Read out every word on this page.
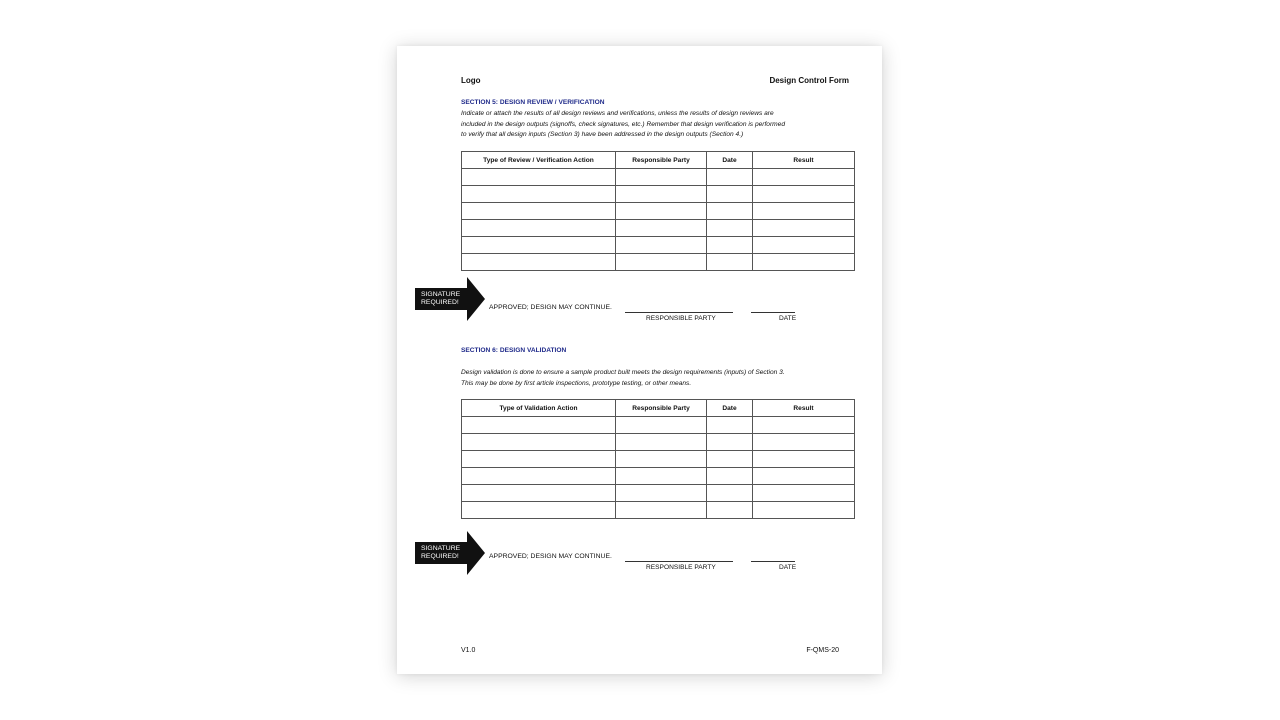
Logo	Design Control Form
SECTION 5: DESIGN REVIEW / VERIFICATION
Indicate or attach the results of all design reviews and verifications, unless the results of design reviews are
included in the design outputs (signoffs, check signatures, etc.) Remember that design verification is performed
to verify that all design inputs (Section 3) have been addressed in the design outputs (Section 4.)
Type of Review / Verification Action	Responsible Party	Date	Result

SIGNATURE
REQUIRED!
APPROVED; DESIGN MAY CONTINUE.
RESPONSIBLE PARTY	DATE
SECTION 6: DESIGN VALIDATION
Design validation is done to ensure a sample product built meets the design requirements (inputs) of Section 3.
This may be done by first article inspections, prototype testing, or other means.
Type of Validation Action	Responsible Party	Date	Result

SIGNATURE
REQUIRED!	APPROVED; DESIGN MAY CONTINUE.
RESPONSIBLE PARTY	DATE
V1.0	F-QMS-20
